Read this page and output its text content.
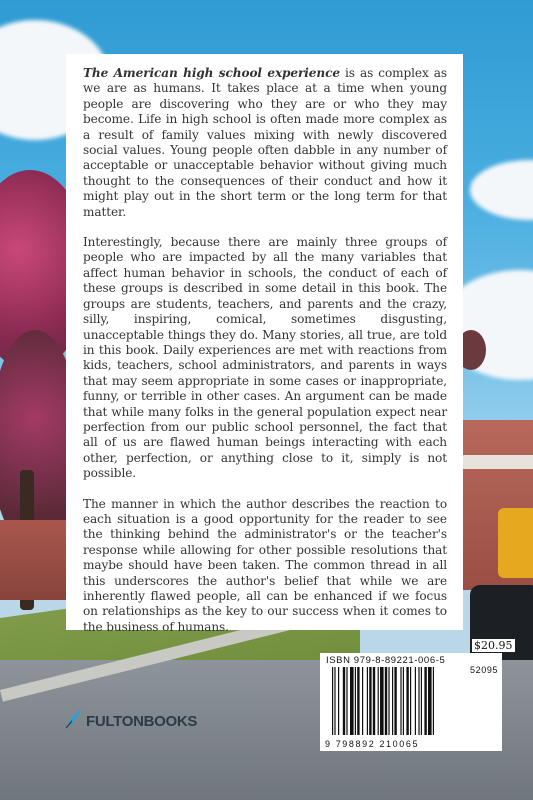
The American high school experience is as complex as we are as humans. It takes place at a time when young people are discovering who they are or who they may become. Life in high school is often made more complex as a result of family values mixing with newly discovered social values. Young people often dabble in any number of acceptable or unacceptable behavior without giving much thought to the consequences of their conduct and how it might play out in the short term or the long term for that matter.

Interestingly, because there are mainly three groups of people who are impacted by all the many variables that affect human behavior in schools, the conduct of each of these groups is described in some detail in this book. The groups are students, teachers, and parents and the crazy, silly, inspiring, comical, sometimes disgusting, unacceptable things they do. Many stories, all true, are told in this book. Daily experiences are met with reactions from kids, teachers, school administrators, and parents in ways that may seem appropriate in some cases or inappropriate, funny, or terrible in other cases. An argument can be made that while many folks in the general population expect near perfection from our public school personnel, the fact that all of us are flawed human beings interacting with each other, perfection, or anything close to it, simply is not possible.

The manner in which the author describes the reaction to each situation is a good opportunity for the reader to see the thinking behind the administrator's or the teacher's response while allowing for other possible resolutions that maybe should have been taken. The common thread in all this underscores the author's belief that while we are inherently flawed people, all can be enhanced if we focus on relationships as the key to our success when it comes to the business of humans.

$20.95
ISBN 979-8-89221-006-5
52095
9 798892 210065
FULTONBOOKS
